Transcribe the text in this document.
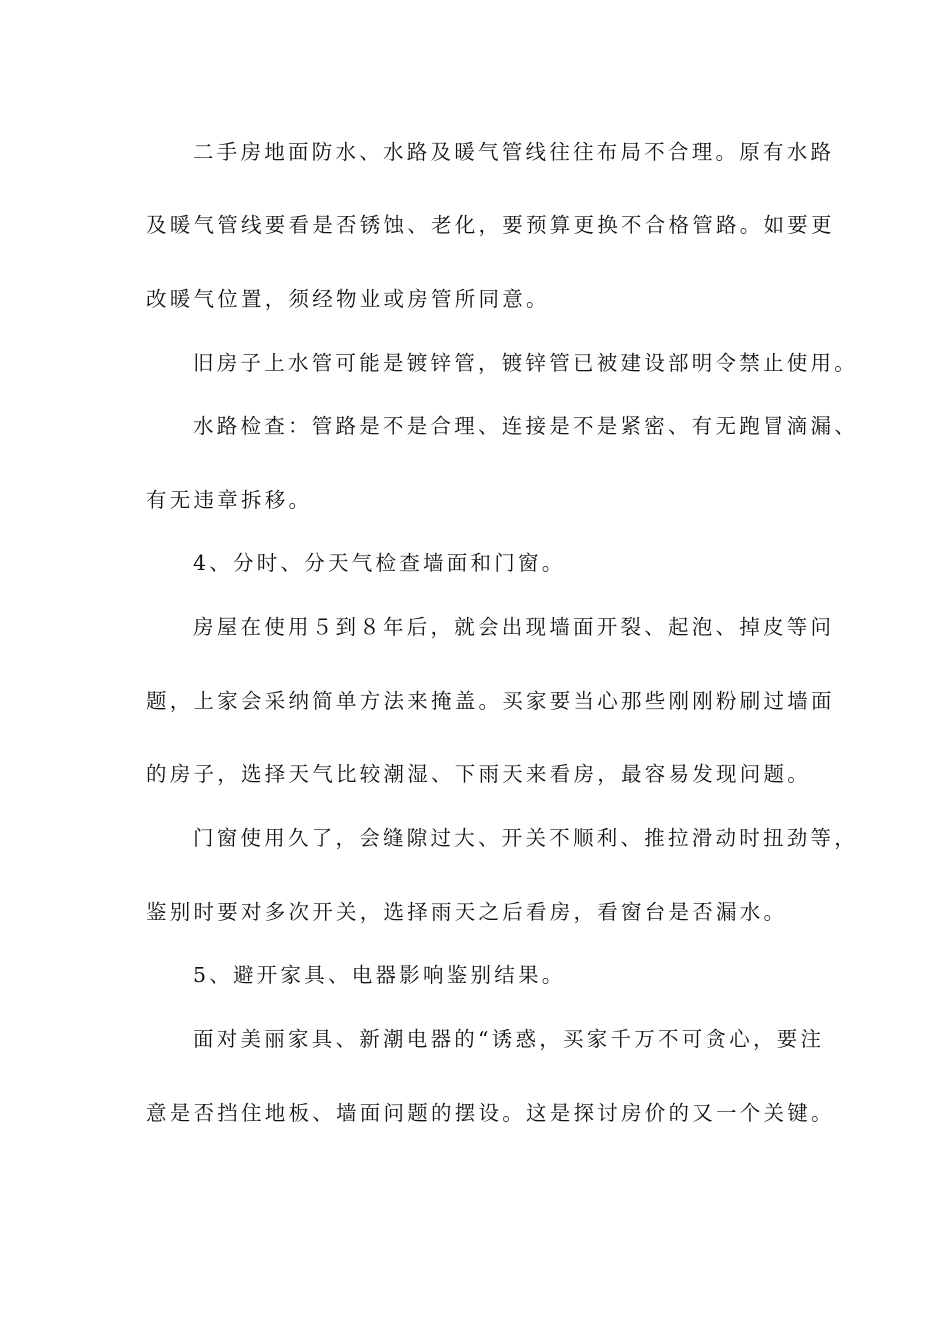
二手房地面防水、水路及暖气管线往往布局不合理。原有水路
及暖气管线要看是否锈蚀、老化，要预算更换不合格管路。如要更
改暖气位置，须经物业或房管所同意。
旧房子上水管可能是镀锌管，镀锌管已被建设部明令禁止使用。
水路检查：管路是不是合理、连接是不是紧密、有无跑冒滴漏、
有无违章拆移。
4、分时、分天气检查墙面和门窗。
房屋在使用５到８年后，就会出现墙面开裂、起泡、掉皮等问
题，上家会采纳简单方法来掩盖。买家要当心那些刚刚粉刷过墙面
的房子，选择天气比较潮湿、下雨天来看房，最容易发现问题。
门窗使用久了，会缝隙过大、开关不顺利、推拉滑动时扭劲等，
鉴别时要对多次开关，选择雨天之后看房，看窗台是否漏水。
5、避开家具、电器影响鉴别结果。
面对美丽家具、新潮电器的“诱惑，买家千万不可贪心，要注
意是否挡住地板、墙面问题的摆设。这是探讨房价的又一个关键。
